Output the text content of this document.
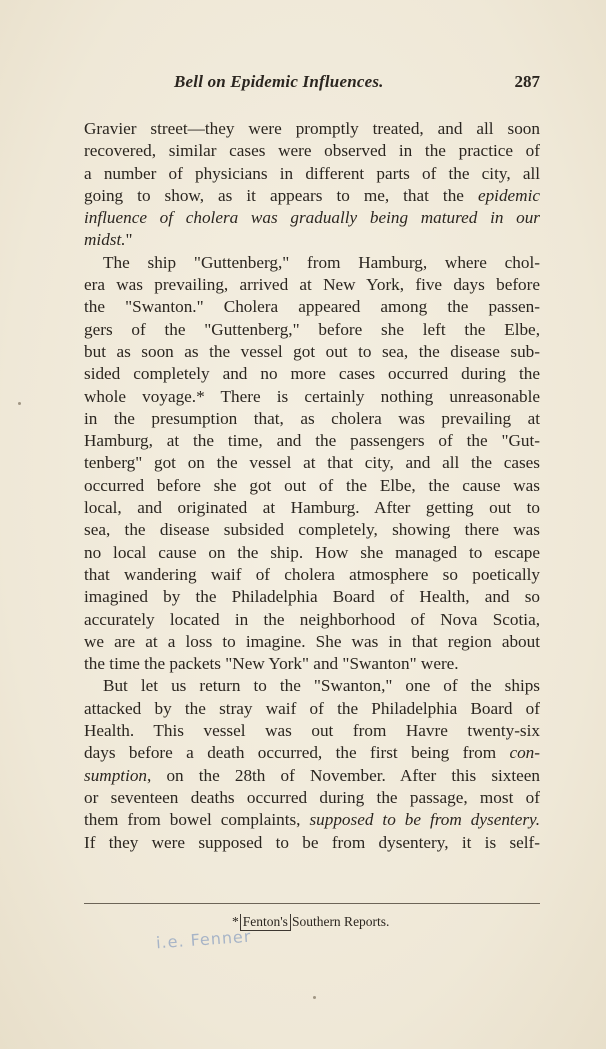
Bell on Epidemic Influences.	287
Gravier street—they were promptly treated, and all soon
recovered, similar cases were observed in the practice of
a number of physicians in different parts of the city, all
going to show, as it appears to me, that the epidemic
influence of cholera was gradually being matured in our
midst."
The ship "Guttenberg," from Hamburg, where chol-
era was prevailing, arrived at New York, five days before
the "Swanton." Cholera appeared among the passen-
gers of the "Guttenberg," before she left the Elbe,
but as soon as the vessel got out to sea, the disease sub-
sided completely and no more cases occurred during the
whole voyage.* There is certainly nothing unreasonable
in the presumption that, as cholera was prevailing at
Hamburg, at the time, and the passengers of the "Gut-
tenberg" got on the vessel at that city, and all the cases
occurred before she got out of the Elbe, the cause was
local, and originated at Hamburg. After getting out to
sea, the disease subsided completely, showing there was
no local cause on the ship. How she managed to escape
that wandering waif of cholera atmosphere so poetically
imagined by the Philadelphia Board of Health, and so
accurately located in the neighborhood of Nova Scotia,
we are at a loss to imagine. She was in that region about
the time the packets "New York" and "Swanton" were.
But let us return to the "Swanton," one of the ships
attacked by the stray waif of the Philadelphia Board of
Health. This vessel was out from Havre twenty-six
days before a death occurred, the first being from con-
sumption, on the 28th of November. After this sixteen
or seventeen deaths occurred during the passage, most of
them from bowel complaints, supposed to be from dysentery.
If they were supposed to be from dysentery, it is self-
* Fenton's Southern Reports.
i.e. Fenner
